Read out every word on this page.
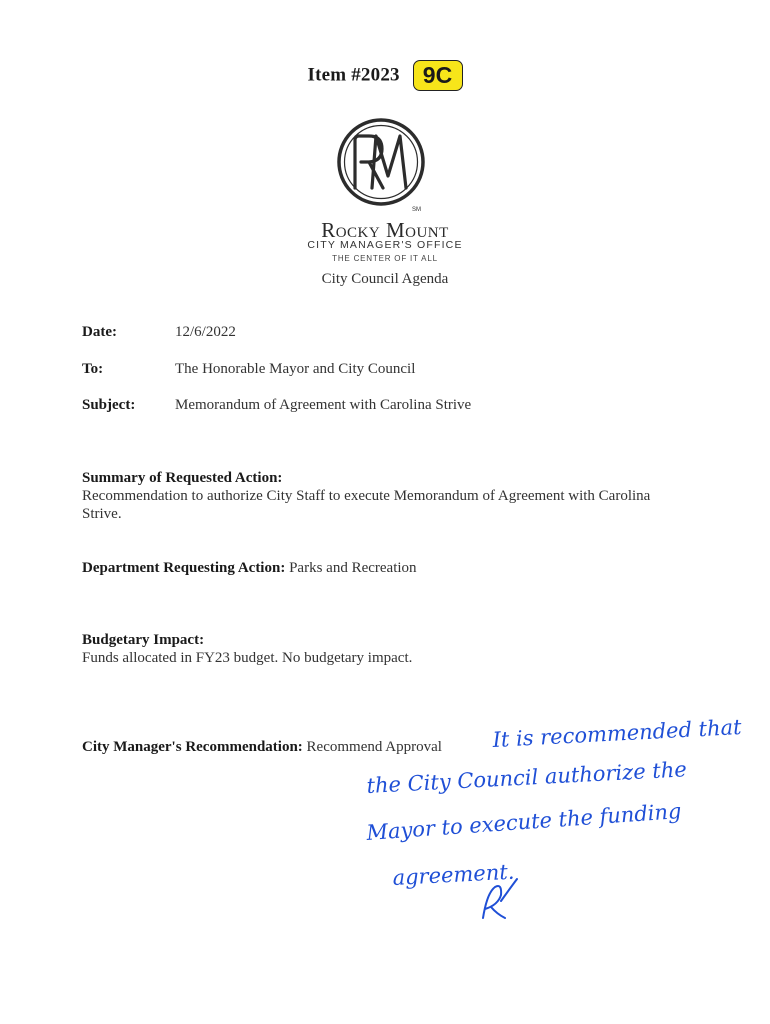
Item #2023 9C
SM
Rocky Mount
CITY MANAGER'S OFFICE
THE CENTER OF IT ALL
City Council Agenda
Date:	12/6/2022
To:	The Honorable Mayor and City Council
Subject:	Memorandum of Agreement with Carolina Strive
Summary of Requested Action:
Recommendation to authorize City Staff to execute Memorandum of Agreement with Carolina Strive.
Department Requesting Action: Parks and Recreation
Budgetary Impact:
Funds allocated in FY23 budget. No budgetary impact.
City Manager's Recommendation: Recommend Approval	It is recommended that
the City Council authorize the
Mayor to execute the funding
agreement.
